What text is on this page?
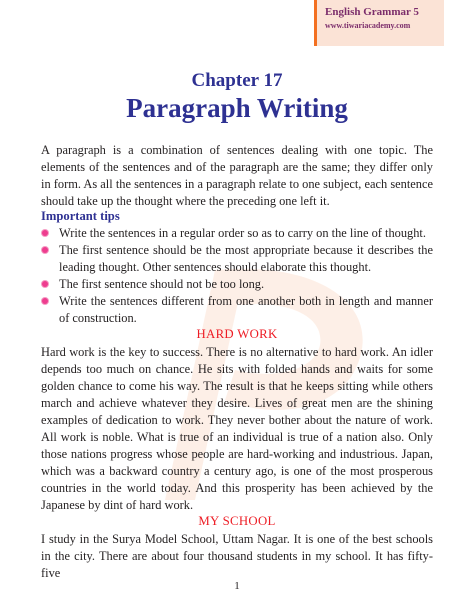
English Grammar 5
www.tiwariacademy.com
Chapter 17
Paragraph Writing

A paragraph is a combination of sentences dealing with one topic. The elements of the sentences and of the paragraph are the same; they differ only in form. As all the sentences in a paragraph relate to one subject, each sentence should take up the thought where the preceding one left it.

Important tips
Write the sentences in a regular order so as to carry on the line of thought.
The first sentence should be the most appropriate because it describes the leading thought. Other sentences should elaborate this thought.
The first sentence should not be too long.
Write the sentences different from one another both in length and manner of construction.
HARD WORK

Hard work is the key to success. There is no alternative to hard work. An idler depends too much on chance. He sits with folded hands and waits for some golden chance to come his way. The result is that he keeps sitting while others march and achieve whatever they desire. Lives of great men are the shining examples of dedication to work. They never bother about the nature of work. All work is noble. What is true of an individual is true of a nation also. Only those nations progress whose people are hard-working and industrious. Japan, which was a backward country a century ago, is one of the most prosperous countries in the world today. And this prosperity has been achieved by the Japanese by dint of hard work.

MY SCHOOL

I study in the Surya Model School, Uttam Nagar. It is one of the best schools in the city. There are about four thousand students in my school. It has fifty-five

1
